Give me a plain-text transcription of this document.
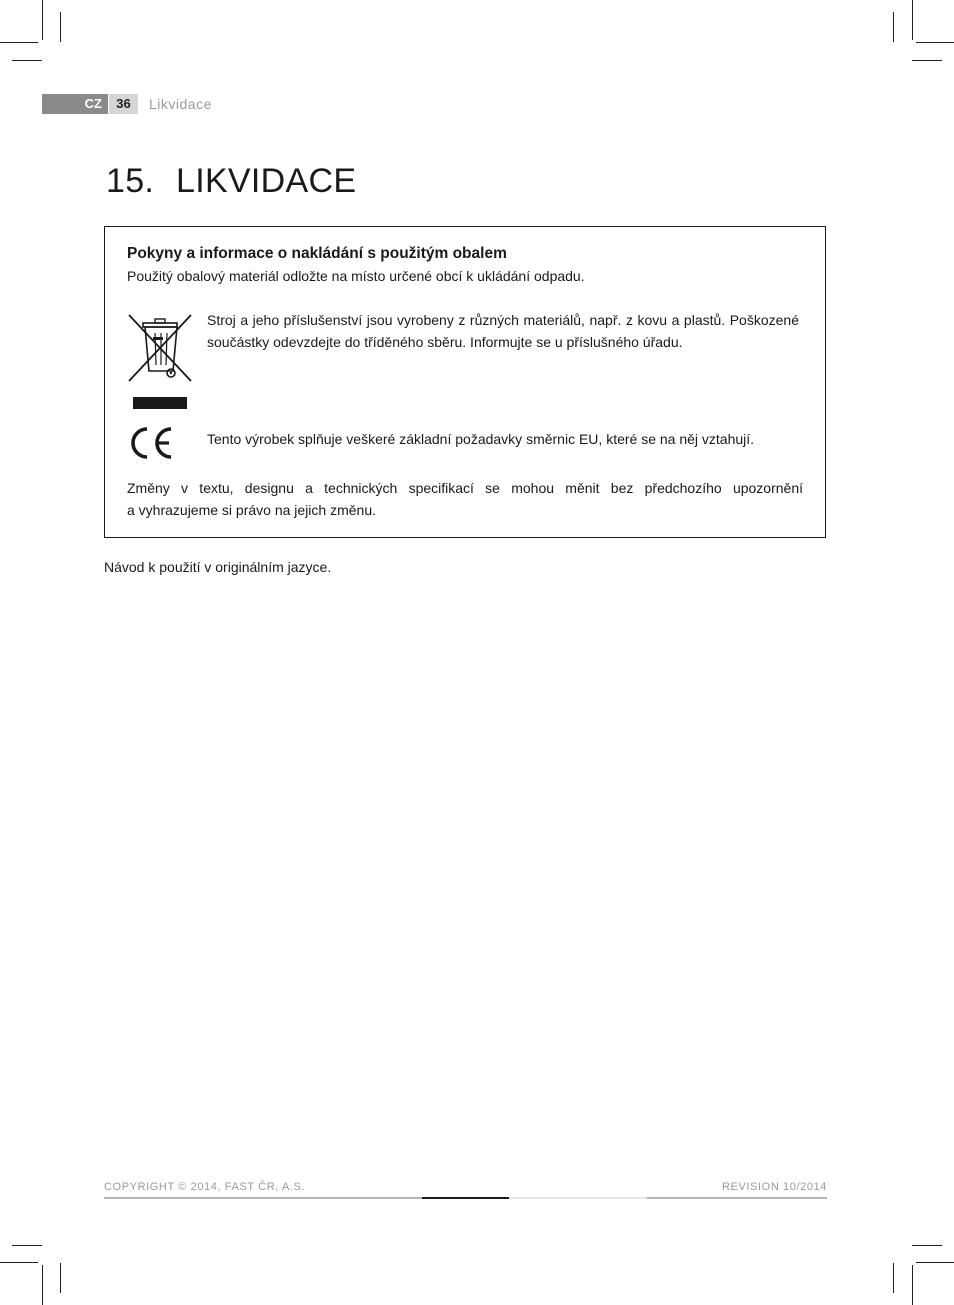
CZ	36	Likvidace
15. LIKVIDACE
Pokyny a informace o nakládání s použitým obalem
Použitý obalový materiál odložte na místo určené obcí k ukládání odpadu.
Stroj a jeho příslušenství jsou vyrobeny z různých materiálů, např. z kovu a plastů. Poškozené součástky odevzdejte do tříděného sběru. Informujte se u příslušného úřadu.
Tento výrobek splňuje veškeré základní požadavky směrnic EU, které se na něj vztahují.
Změny v textu, designu a technických specifikací se mohou měnit bez předchozího upozornění
a vyhrazujeme si právo na jejich změnu.
Návod k použití v originálním jazyce.
COPYRIGHT © 2014, FAST ČR, A.S.	REVISION 10/2014
